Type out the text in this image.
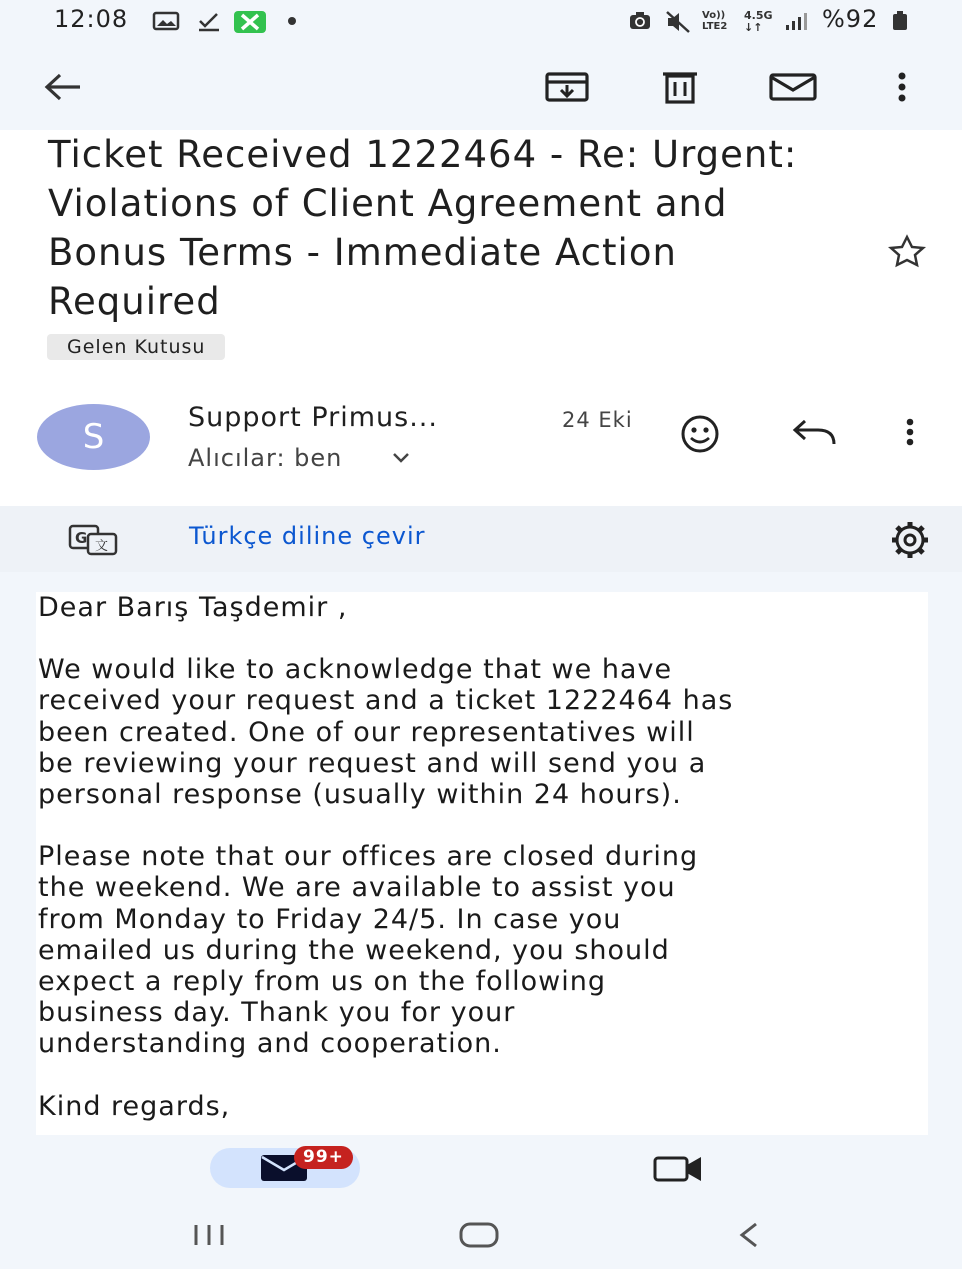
12:08	Vo)) LTE2
4.5G
↓↑	%92
Ticket Received 1222464 - Re: Urgent: Violations of Client Agreement and Bonus Terms - Immediate Action Required
Gelen Kutusu
S	Support Primus...	24 Eki
Alıcılar: ben
G 文	Türkçe diline çevir

Dear Barış Taşdemir ,

We would like to acknowledge that we have
received your request and a ticket 1222464 has
been created. One of our representatives will
be reviewing your request and will send you a
personal response (usually within 24 hours).

Please note that our offices are closed during
the weekend. We are available to assist you
from Monday to Friday 24/5. In case you
emailed us during the weekend, you should
expect a reply from us on the following
business day. Thank you for your
understanding and cooperation.

Kind regards,

99+
